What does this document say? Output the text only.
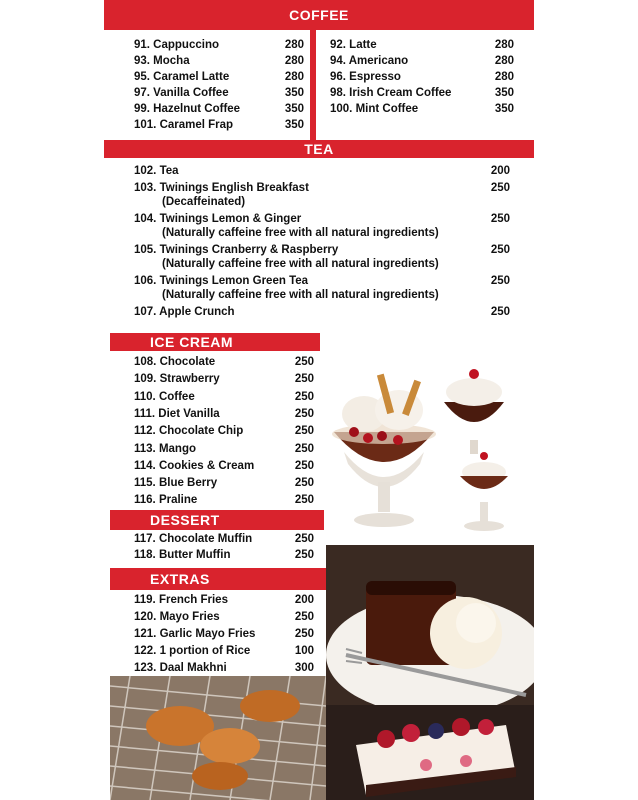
COFFEE
TEA
ICE CREAM
DESSERT
EXTRAS
91. Cappuccino	280
93. Mocha	280
95. Caramel Latte	280
97. Vanilla Coffee	350
99. Hazelnut Coffee	350
101. Caramel Frap	350
92. Latte	280
94. Americano	280
96. Espresso	280
98. Irish Cream Coffee	350
100. Mint Coffee	350
102. Tea	200
103. Twinings English Breakfast	250
(Decaffeinated)
104. Twinings Lemon & Ginger	250
(Naturally caffeine free with all natural ingredients)
105. Twinings Cranberry & Raspberry	250
(Naturally caffeine free with all natural ingredients)
106. Twinings Lemon Green Tea	250
(Naturally caffeine free with all natural ingredients)
107. Apple Crunch	250
108. Chocolate	250
109. Strawberry	250
110. Coffee	250
111. Diet Vanilla	250
112. Chocolate Chip	250
113. Mango	250
114. Cookies & Cream	250
115. Blue Berry	250
116. Praline	250
117. Chocolate Muffin	250
118. Butter Muffin	250
119. French Fries	200
120. Mayo Fries	250
121. Garlic Mayo Fries	250
122. 1 portion of Rice	100
123. Daal Makhni	300
